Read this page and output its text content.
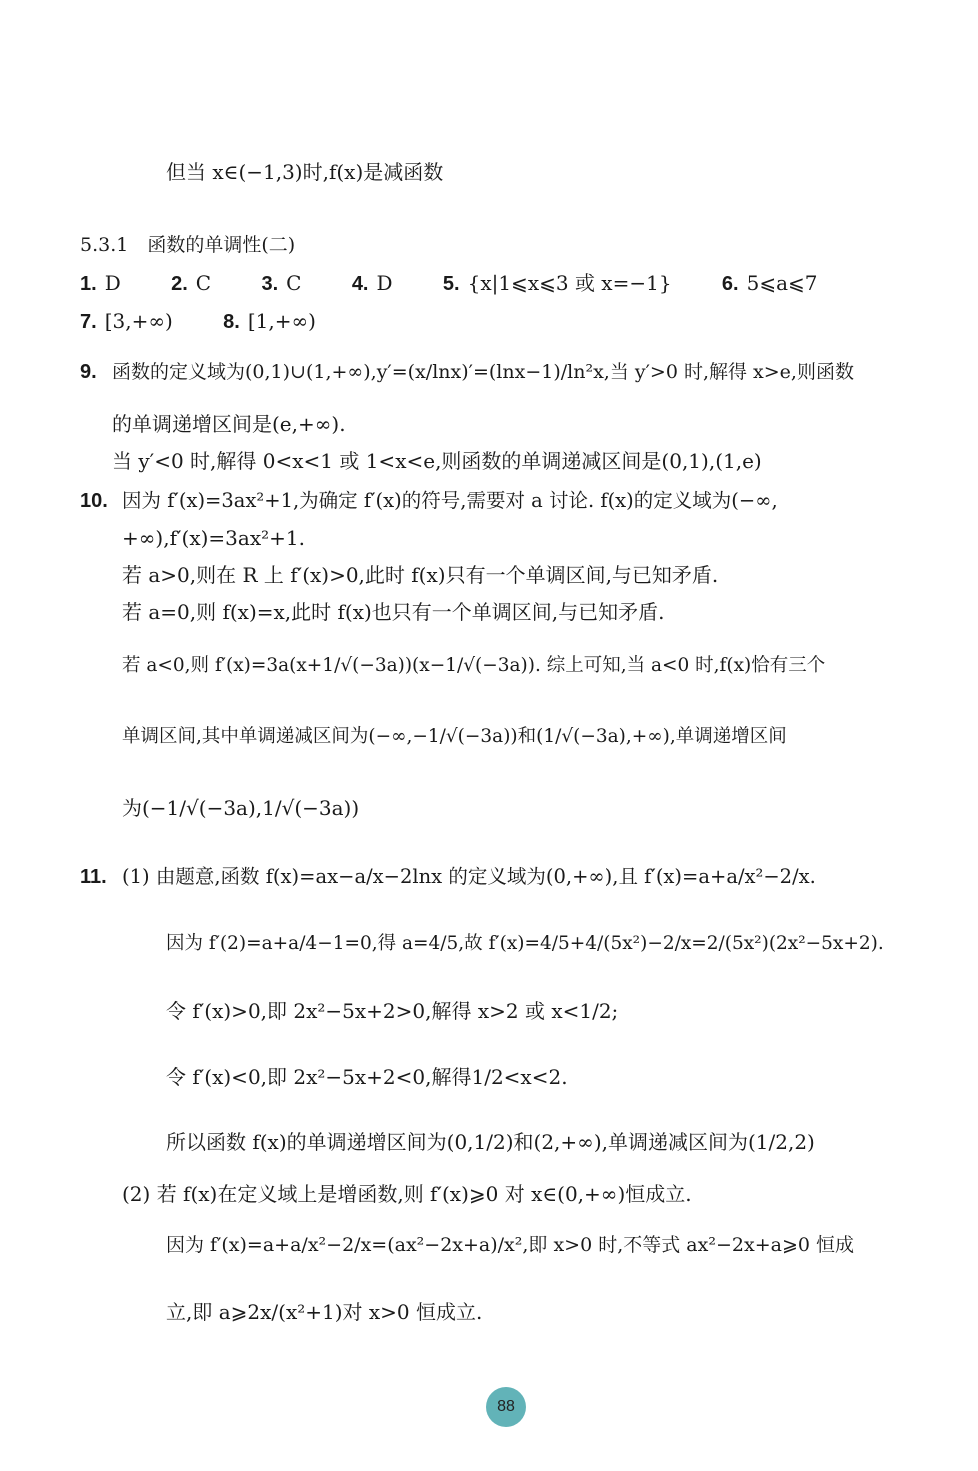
但当 x∈(−1,3)时,f(x)是减函数
5.3.1　函数的单调性(二)
1. D	2. C	3. C	4. D	5. {x|1⩽x⩽3 或 x=−1}	6. 5⩽a⩽7
7. [3,+∞)	8. [1,+∞)
9. 函数的定义域为(0,1)∪(1,+∞),y′=(x/lnx)′=(lnx−1)/ln²x,当 y′>0 时,解得 x>e,则函数
的单调递增区间是(e,+∞).
当 y′<0 时,解得 0<x<1 或 1<x<e,则函数的单调递减区间是(0,1),(1,e)
10. 因为 f′(x)=3ax²+1,为确定 f′(x)的符号,需要对 a 讨论. f(x)的定义域为(−∞,
+∞),f′(x)=3ax²+1.
若 a>0,则在 R 上 f′(x)>0,此时 f(x)只有一个单调区间,与已知矛盾.
若 a=0,则 f(x)=x,此时 f(x)也只有一个单调区间,与已知矛盾.
若 a<0,则 f′(x)=3a(x+1/√(−3a))(x−1/√(−3a)). 综上可知,当 a<0 时,f(x)恰有三个
单调区间,其中单调递减区间为(−∞,−1/√(−3a))和(1/√(−3a),+∞),单调递增区间
为(−1/√(−3a),1/√(−3a))
11. (1) 由题意,函数 f(x)=ax−a/x−2lnx 的定义域为(0,+∞),且 f′(x)=a+a/x²−2/x.
因为 f′(2)=a+a/4−1=0,得 a=4/5,故 f′(x)=4/5+4/(5x²)−2/x=2/(5x²)(2x²−5x+2).
令 f′(x)>0,即 2x²−5x+2>0,解得 x>2 或 x<1/2;
令 f′(x)<0,即 2x²−5x+2<0,解得1/2<x<2.
所以函数 f(x)的单调递增区间为(0,1/2)和(2,+∞),单调递减区间为(1/2,2)
(2) 若 f(x)在定义域上是增函数,则 f′(x)⩾0 对 x∈(0,+∞)恒成立.
因为 f′(x)=a+a/x²−2/x=(ax²−2x+a)/x²,即 x>0 时,不等式 ax²−2x+a⩾0 恒成
立,即 a⩾2x/(x²+1)对 x>0 恒成立.
88
